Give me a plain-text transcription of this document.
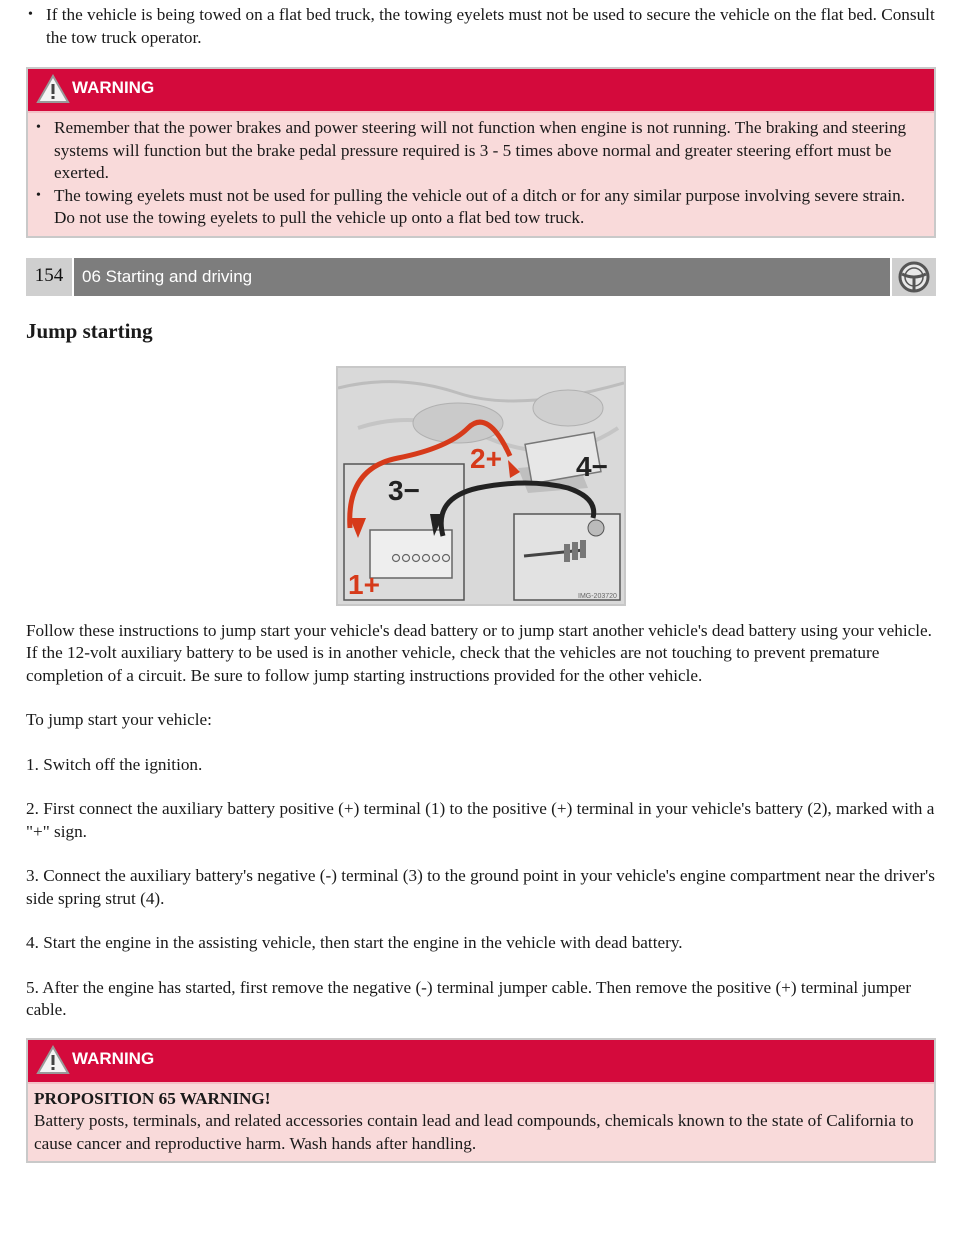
• If the vehicle is being towed on a flat bed truck, the towing eyelets must not be used to secure the vehicle on the flat bed. Consult the tow truck operator.
WARNING
• Remember that the power brakes and power steering will not function when engine is not running. The braking and steering systems will function but the brake pedal pressure required is 3 - 5 times above normal and greater steering effort must be exerted.
• The towing eyelets must not be used for pulling the vehicle out of a ditch or for any similar purpose involving severe strain. Do not use the towing eyelets to pull the vehicle up onto a flat bed tow truck.
154	06 Starting and driving
Jump starting
1+
2+
3−
4−
IMG-203720

Follow these instructions to jump start your vehicle's dead battery or to jump start another vehicle's dead battery using your vehicle. If the 12-volt auxiliary battery to be used is in another vehicle, check that the vehicles are not touching to prevent premature completion of a circuit. Be sure to follow jump starting instructions provided for the other vehicle.

To jump start your vehicle:

1. Switch off the ignition.

2. First connect the auxiliary battery positive (+) terminal (1) to the positive (+) terminal in your vehicle's battery (2), marked with a "+" sign.

3. Connect the auxiliary battery's negative (-) terminal (3) to the ground point in your vehicle's engine compartment near the driver's side spring strut (4).

4. Start the engine in the assisting vehicle, then start the engine in the vehicle with dead battery.

5. After the engine has started, first remove the negative (-) terminal jumper cable. Then remove the positive (+) terminal jumper cable.

WARNING

PROPOSITION 65 WARNING!

Battery posts, terminals, and related accessories contain lead and lead compounds, chemicals known to the state of California to cause cancer and reproductive harm. Wash hands after handling.
